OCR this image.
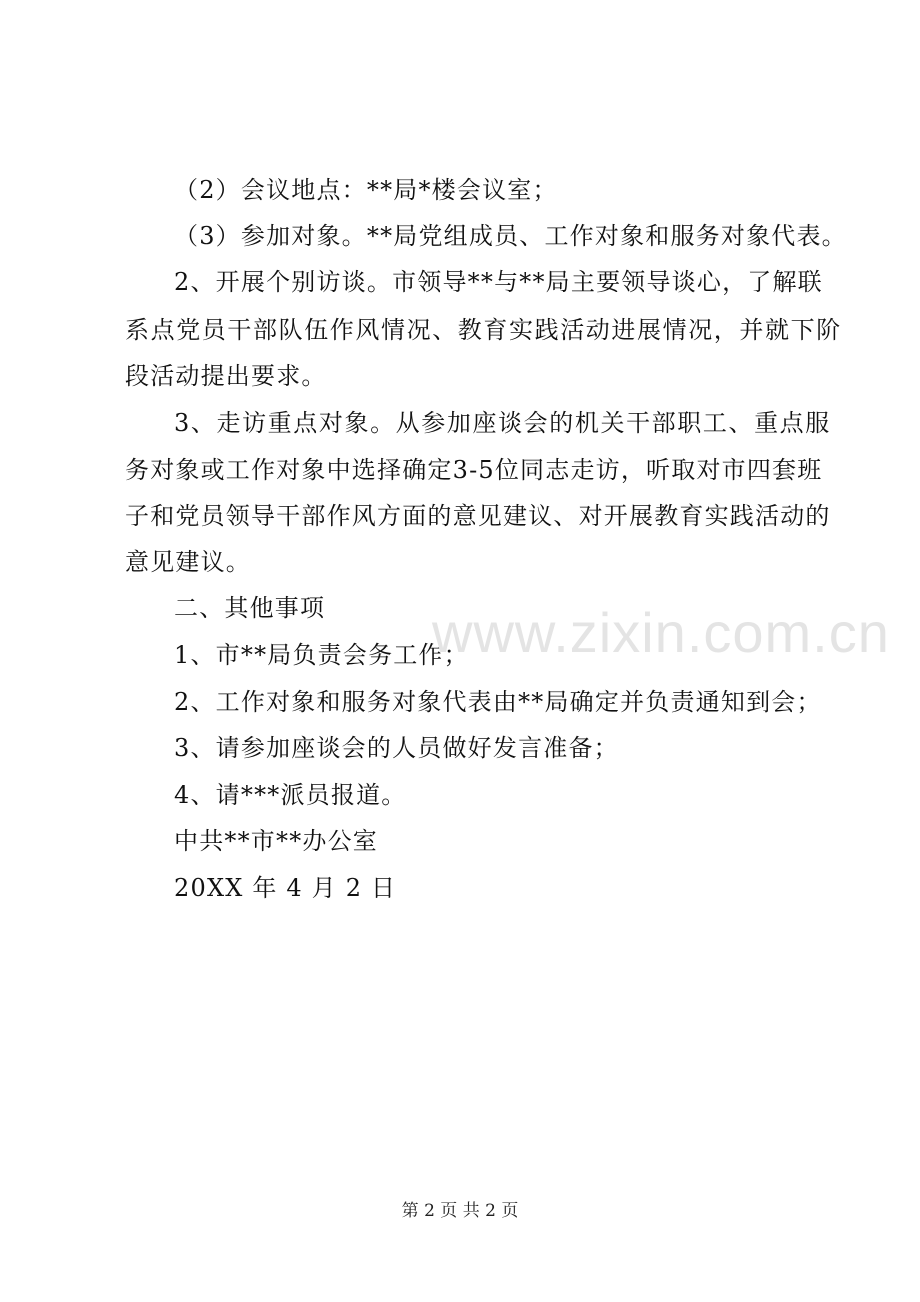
（2）会议地点：**局*楼会议室；

（3）参加对象。**局党组成员、工作对象和服务对象代表。

2、开展个别访谈。市领导**与**局主要领导谈心，了解联

系点党员干部队伍作风情况、教育实践活动进展情况，并就下阶

段活动提出要求。

3、走访重点对象。从参加座谈会的机关干部职工、重点服

务对象或工作对象中选择确定3-5位同志走访，听取对市四套班

子和党员领导干部作风方面的意见建议、对开展教育实践活动的

意见建议。

二、其他事项

1、市**局负责会务工作；

2、工作对象和服务对象代表由**局确定并负责通知到会；

3、请参加座谈会的人员做好发言准备；

4、请***派员报道。

中共**市**办公室

20XX 年 4 月 2 日

www.zixin.com.cn

第 2 页 共 2 页
